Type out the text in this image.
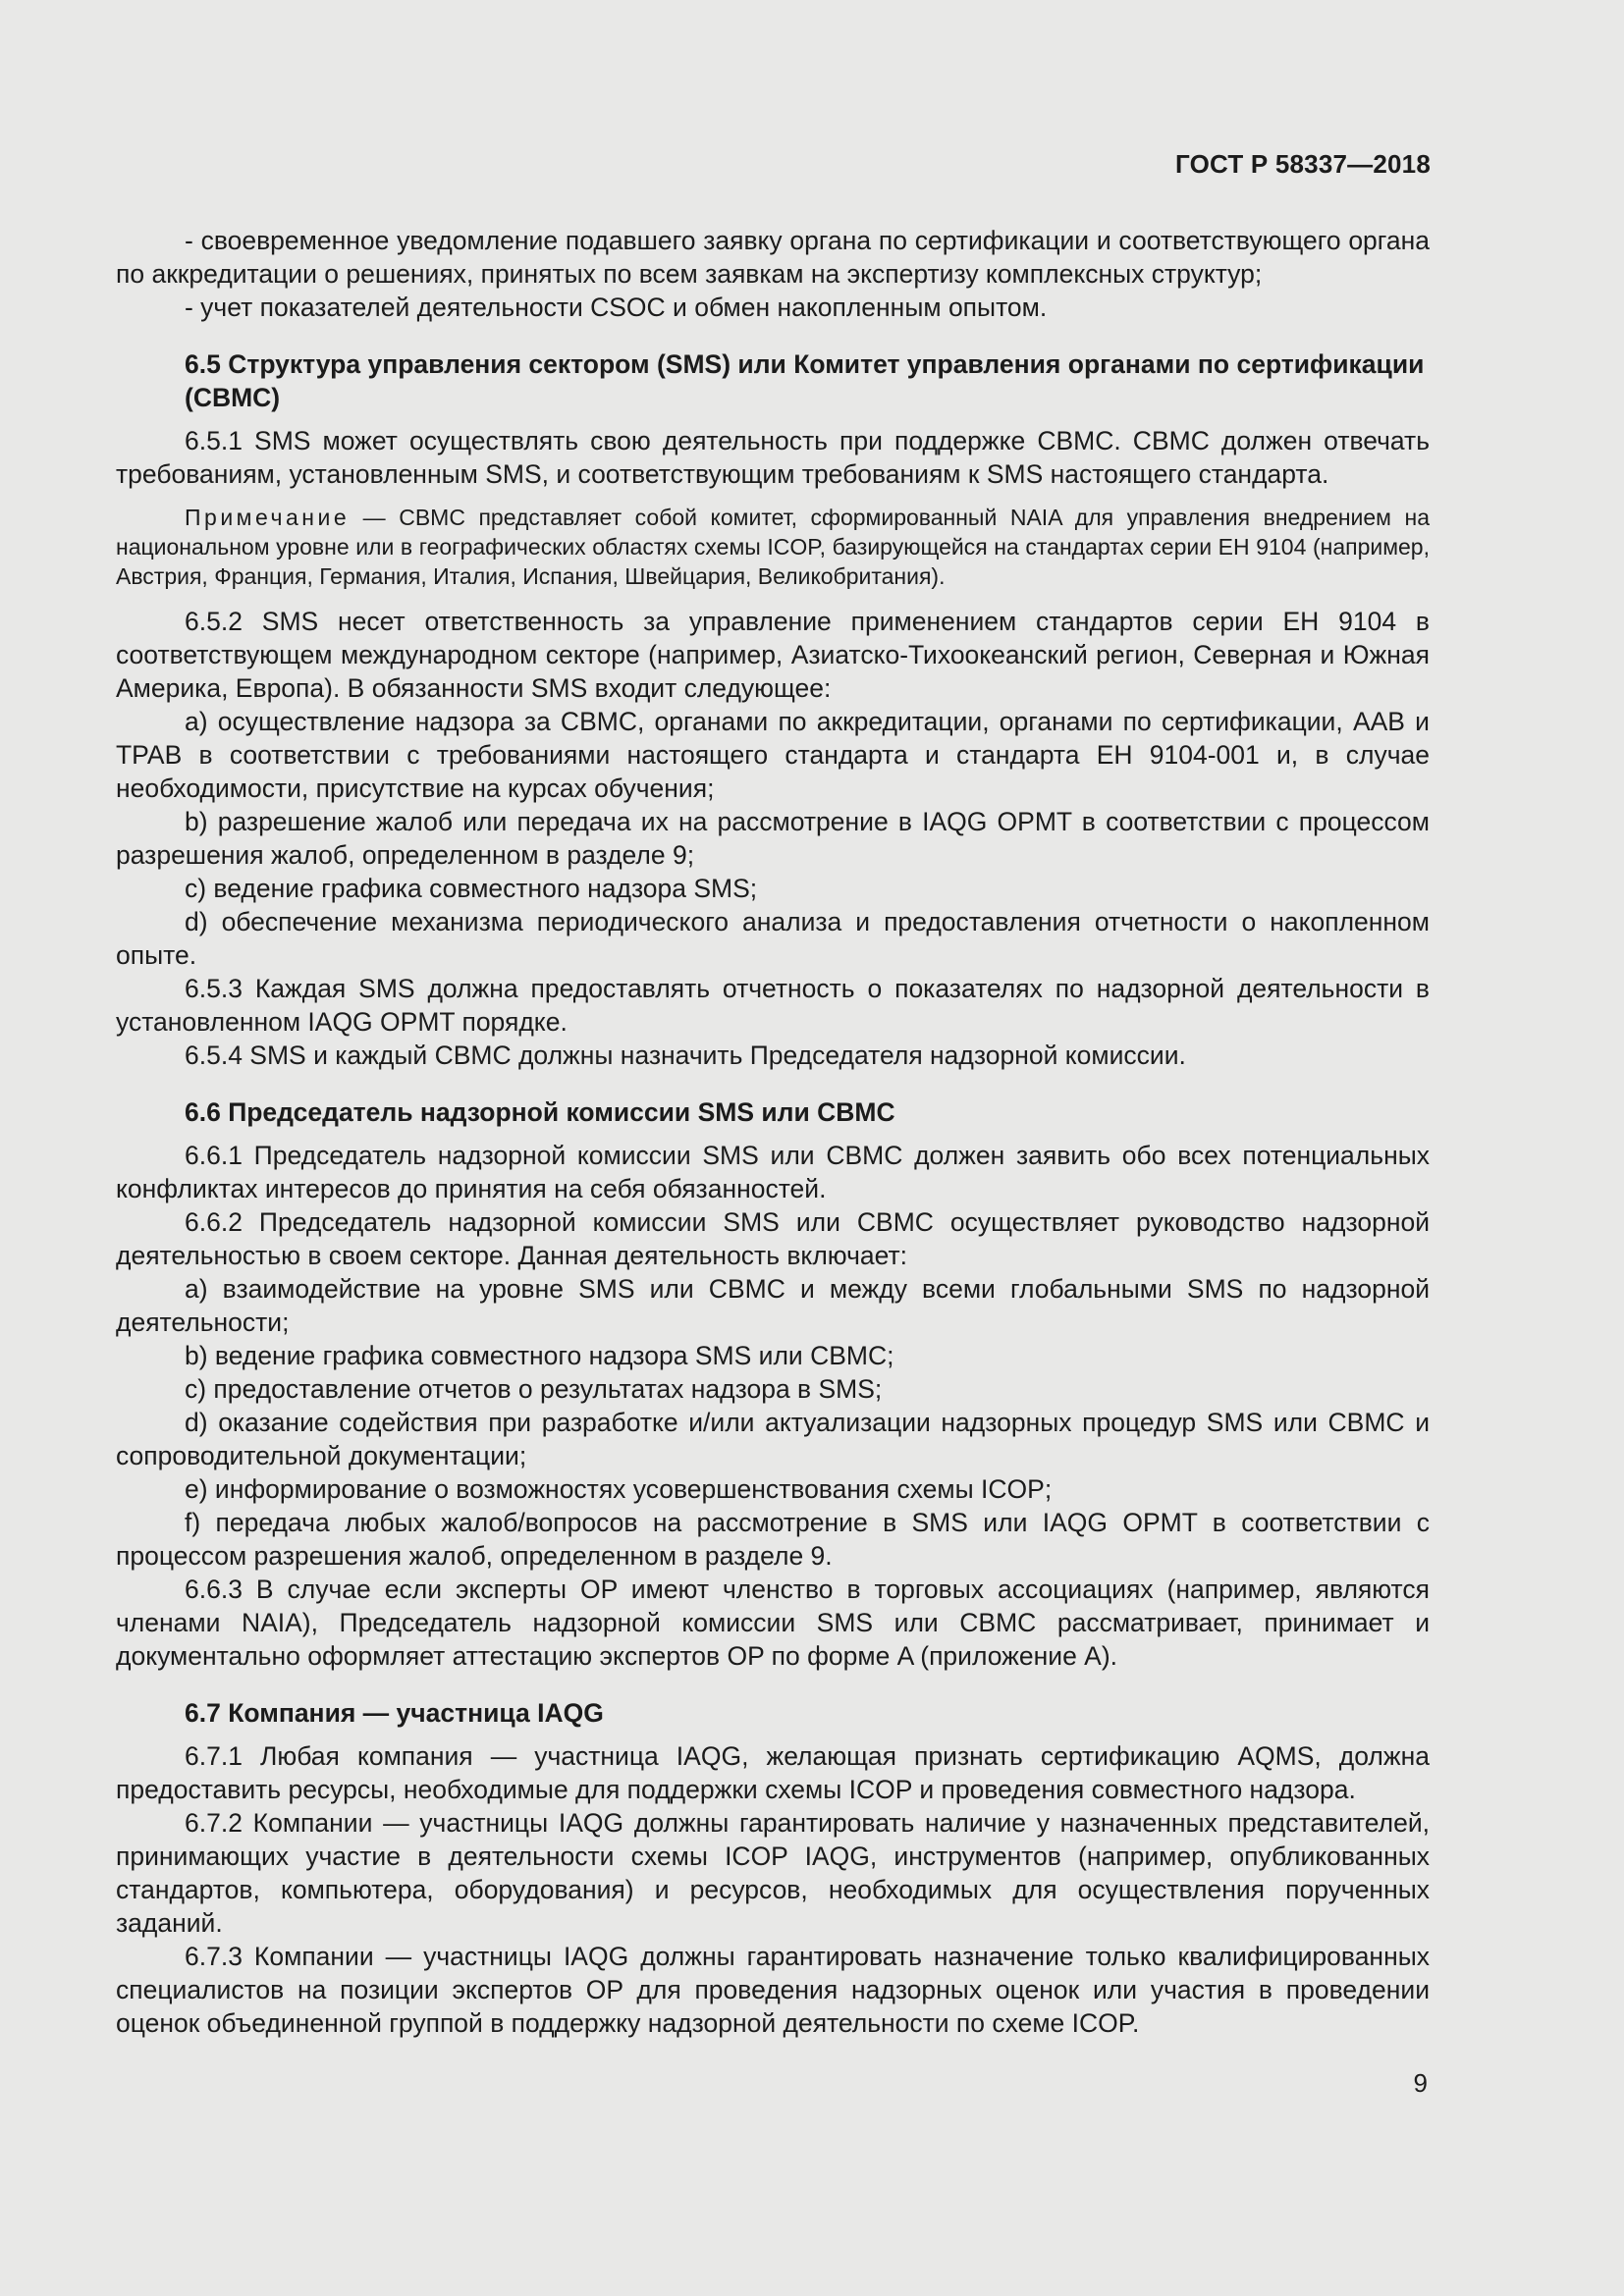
ГОСТ Р 58337—2018

- своевременное уведомление подавшего заявку органа по сертификации и соответствующего органа по аккредитации о решениях, принятых по всем заявкам на экспертизу комплексных структур;

- учет показателей деятельности CSOC и обмен накопленным опытом.

6.5 Структура управления сектором (SMS) или Комитет управления органами по сертификации (CBMC)

6.5.1 SMS может осуществлять свою деятельность при поддержке CBMC. CBMC должен отвечать требованиям, установленным SMS, и соответствующим требованиям к SMS настоящего стандарта.

Примечание — CBMC представляет собой комитет, сформированный NAIA для управления внедрением на национальном уровне или в географических областях схемы ICOP, базирующейся на стандартах серии ЕН 9104 (например, Австрия, Франция, Германия, Италия, Испания, Швейцария, Великобритания).

6.5.2 SMS несет ответственность за управление применением стандартов серии ЕН 9104 в соответствующем международном секторе (например, Азиатско-Тихоокеанский регион, Северная и Южная Америка, Европа). В обязанности SMS входит следующее:

a) осуществление надзора за CBMC, органами по аккредитации, органами по сертификации, AAB и TPAB в соответствии с требованиями настоящего стандарта и стандарта ЕН 9104-001 и, в случае необходимости, присутствие на курсах обучения;

b) разрешение жалоб или передача их на рассмотрение в IAQG OPMT в соответствии с процессом разрешения жалоб, определенном в разделе 9;

c) ведение графика совместного надзора SMS;

d) обеспечение механизма периодического анализа и предоставления отчетности о накопленном опыте.

6.5.3 Каждая SMS должна предоставлять отчетность о показателях по надзорной деятельности в установленном IAQG OPMT порядке.

6.5.4 SMS и каждый CBMC должны назначить Председателя надзорной комиссии.

6.6 Председатель надзорной комиссии SMS или CBMC

6.6.1 Председатель надзорной комиссии SMS или CBMC должен заявить обо всех потенциальных конфликтах интересов до принятия на себя обязанностей.

6.6.2 Председатель надзорной комиссии SMS или CBMC осуществляет руководство надзорной деятельностью в своем секторе. Данная деятельность включает:

a) взаимодействие на уровне SMS или CBMC и между всеми глобальными SMS по надзорной деятельности;

b) ведение графика совместного надзора SMS или CBMC;

c) предоставление отчетов о результатах надзора в SMS;

d) оказание содействия при разработке и/или актуализации надзорных процедур SMS или CBMC и сопроводительной документации;

e) информирование о возможностях усовершенствования схемы ICOP;

f) передача любых жалоб/вопросов на рассмотрение в SMS или IAQG OPMT в соответствии с процессом разрешения жалоб, определенном в разделе 9.

6.6.3 В случае если эксперты OP имеют членство в торговых ассоциациях (например, являются членами NAIA), Председатель надзорной комиссии SMS или CBMC рассматривает, принимает и документально оформляет аттестацию экспертов OP по форме A (приложение A).

6.7 Компания — участница IAQG

6.7.1 Любая компания — участница IAQG, желающая признать сертификацию AQMS, должна предоставить ресурсы, необходимые для поддержки схемы ICOP и проведения совместного надзора.

6.7.2 Компании — участницы IAQG должны гарантировать наличие у назначенных представителей, принимающих участие в деятельности схемы ICOP IAQG, инструментов (например, опубликованных стандартов, компьютера, оборудования) и ресурсов, необходимых для осуществления порученных заданий.

6.7.3 Компании — участницы IAQG должны гарантировать назначение только квалифицированных специалистов на позиции экспертов OP для проведения надзорных оценок или участия в проведении оценок объединенной группой в поддержку надзорной деятельности по схеме ICOP.

9
